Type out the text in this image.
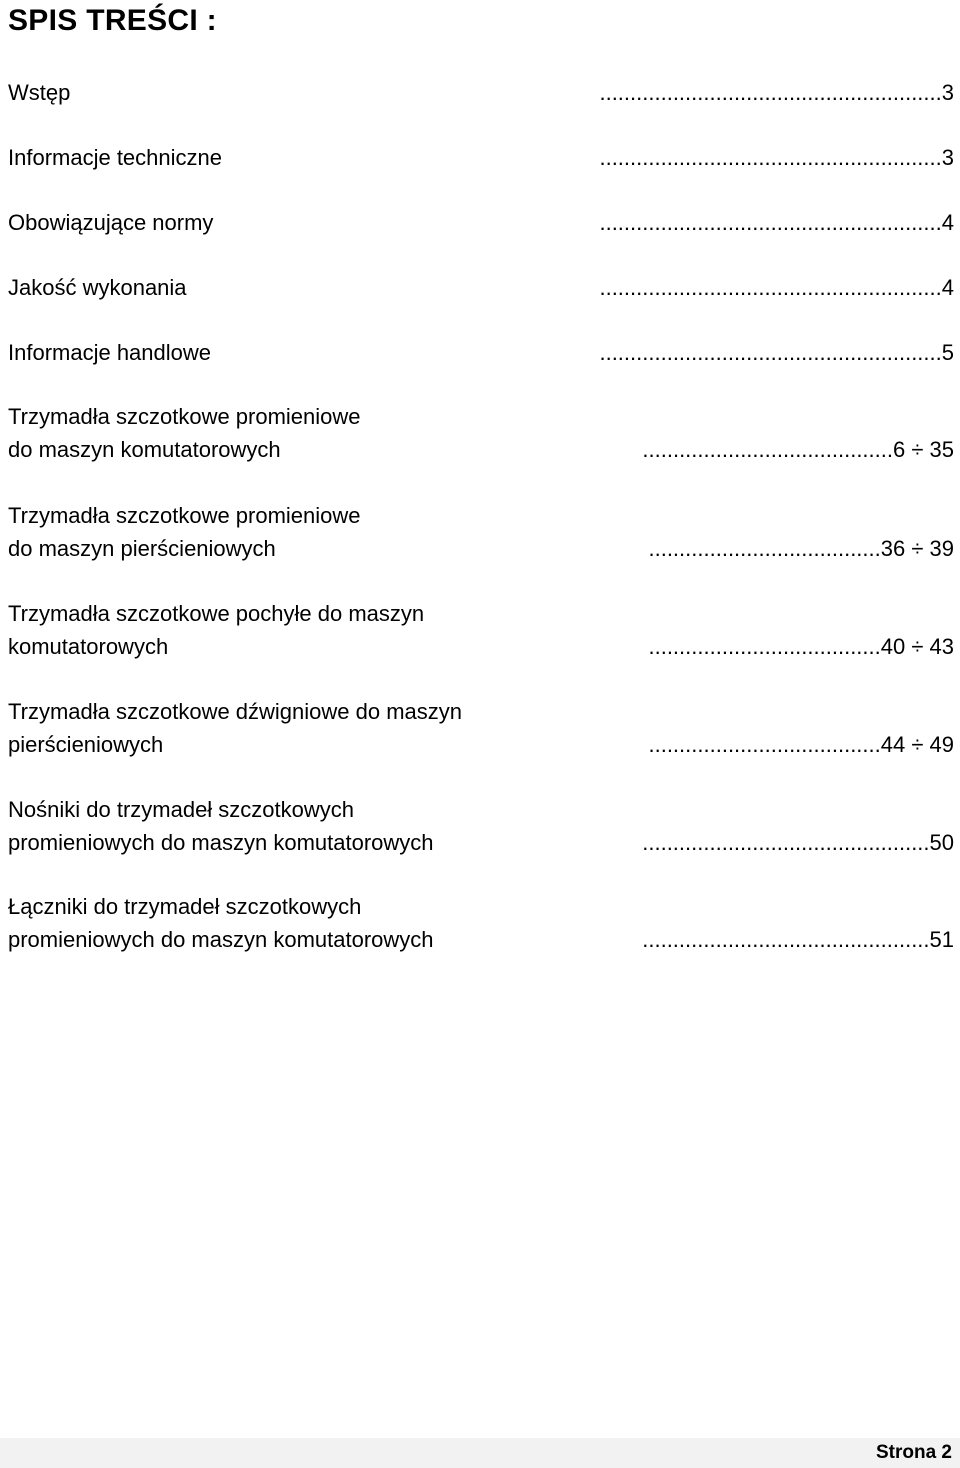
SPIS TREŚCI :
Wstęp	........................................................3
Informacje techniczne	........................................................3
Obowiązujące normy	........................................................4
Jakość wykonania	........................................................4
Informacje handlowe	........................................................5
Trzymadła szczotkowe promieniowe
do maszyn komutatorowych	.........................................6 ÷ 35
Trzymadła szczotkowe promieniowe
do maszyn pierścieniowych	......................................36 ÷ 39
Trzymadła szczotkowe pochyłe do maszyn
komutatorowych	......................................40 ÷ 43
Trzymadła szczotkowe dźwigniowe do maszyn
pierścieniowych	......................................44 ÷ 49
Nośniki do trzymadeł szczotkowych
promieniowych do maszyn komutatorowych	...............................................50
Łączniki do trzymadeł szczotkowych
promieniowych do maszyn komutatorowych	...............................................51
Strona 2
